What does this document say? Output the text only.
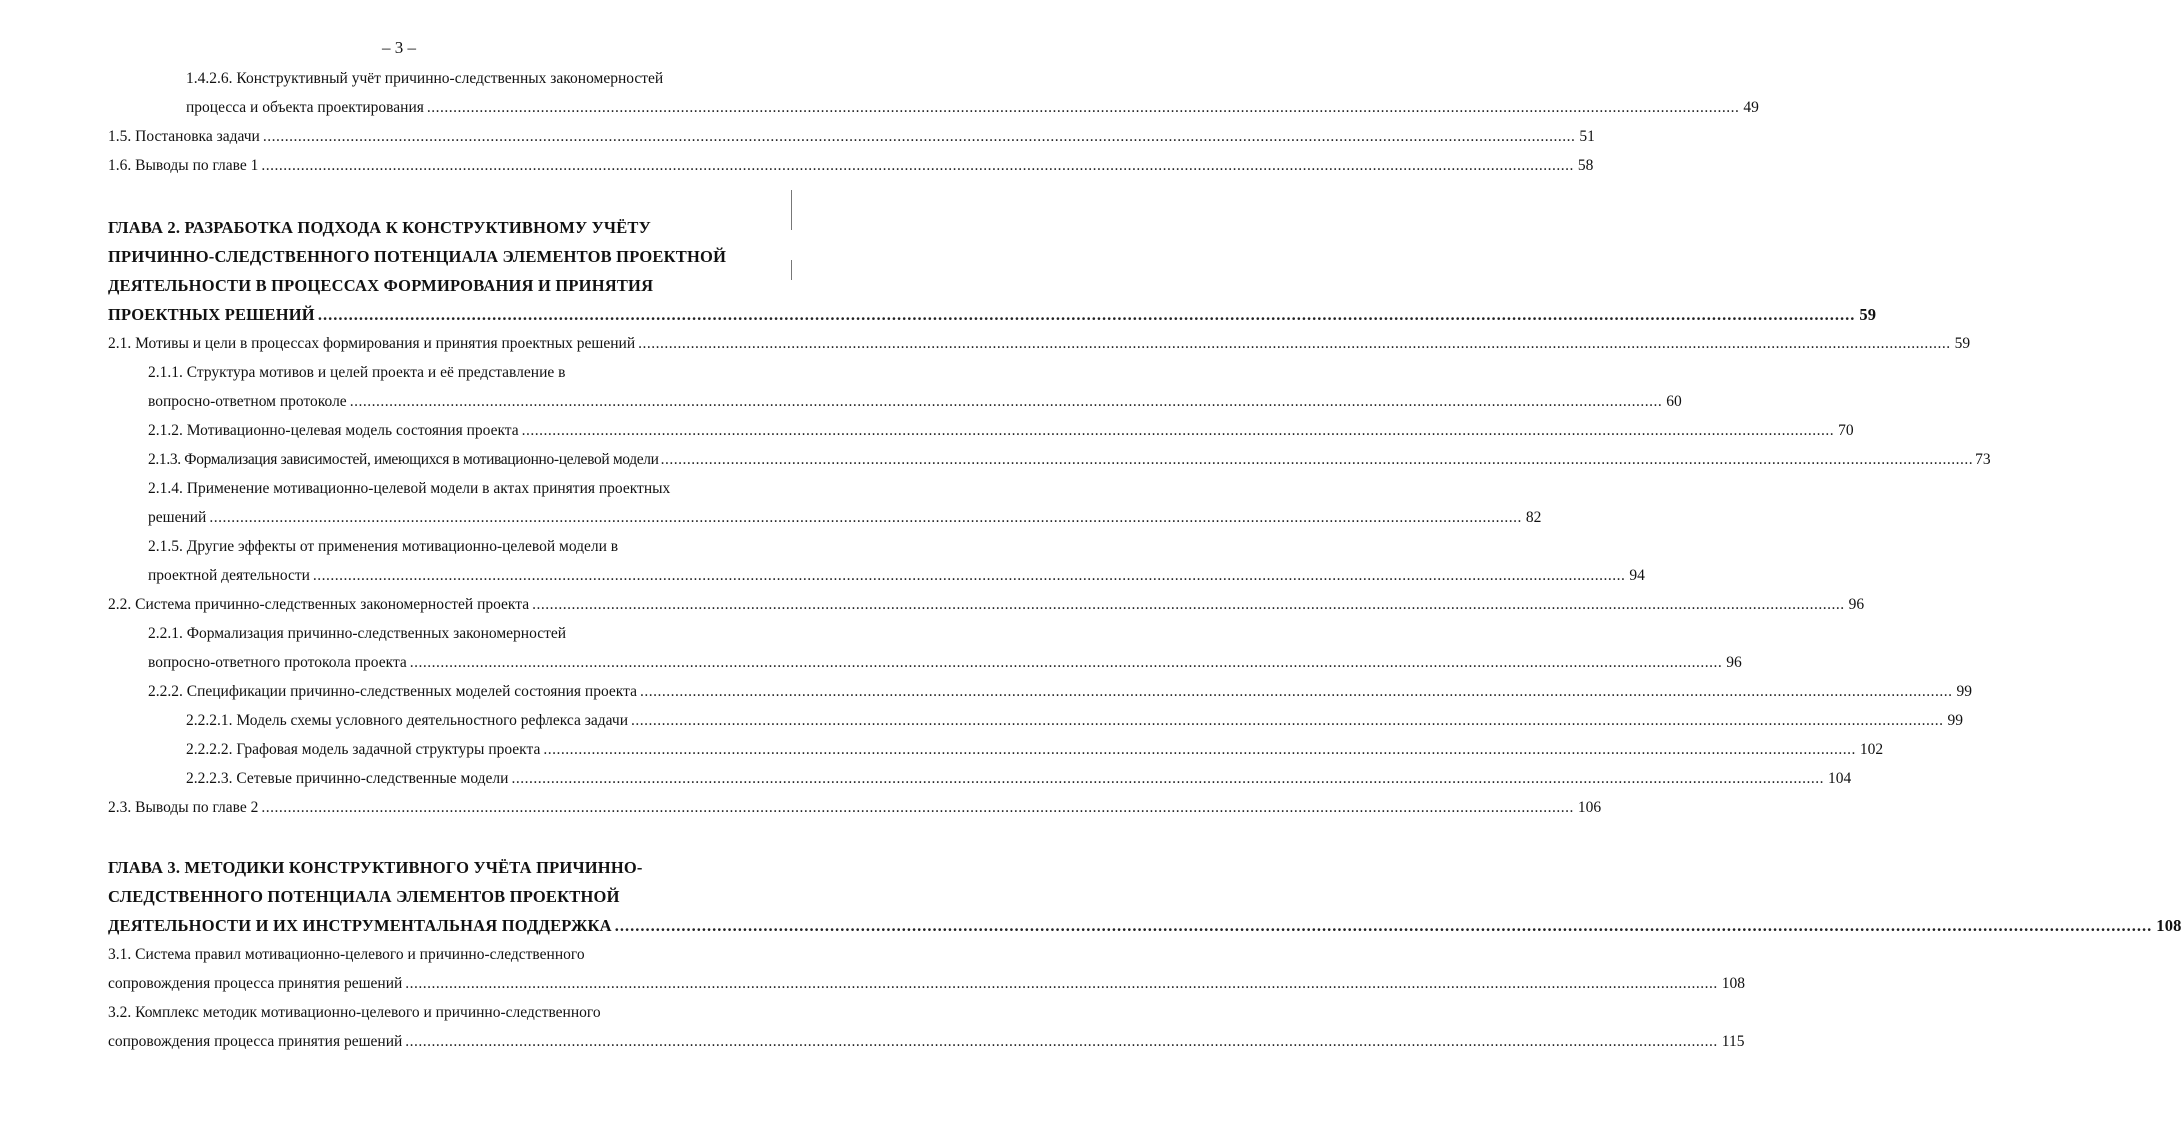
– 3 –
1.4.2.6. Конструктивный учёт причинно-следственных закономерностей
процесса и объекта проектирования ............................................................................................................................................................................................................................................................................................................ 49
1.5. Постановка задачи ............................................................................................................................................................................................................................................................................................................ 51
1.6. Выводы по главе 1 ............................................................................................................................................................................................................................................................................................................ 58
ГЛАВА 2. РАЗРАБОТКА ПОДХОДА К КОНСТРУКТИВНОМУ УЧЁТУ
ПРИЧИННО-СЛЕДСТВЕННОГО ПОТЕНЦИАЛА ЭЛЕМЕНТОВ ПРОЕКТНОЙ
ДЕЯТЕЛЬНОСТИ В ПРОЦЕССАХ ФОРМИРОВАНИЯ И ПРИНЯТИЯ
ПРОЕКТНЫХ РЕШЕНИЙ ............................................................................................................................................................................................................................................................................................................ 59
2.1. Мотивы и цели в процессах формирования и принятия проектных решений ............................................................................................................................................................................................................................................................................................................ 59
2.1.1. Структура мотивов и целей проекта и её представление в
вопросно-ответном протоколе ............................................................................................................................................................................................................................................................................................................ 60
2.1.2. Мотивационно-целевая модель состояния проекта ............................................................................................................................................................................................................................................................................................................ 70
2.1.3. Формализация зависимостей, имеющихся в мотивационно-целевой модели ............................................................................................................................................................................................................................................................................................................ 73
2.1.4. Применение мотивационно-целевой модели в актах принятия проектных
решений ............................................................................................................................................................................................................................................................................................................ 82
2.1.5. Другие эффекты от применения мотивационно-целевой модели в
проектной деятельности ............................................................................................................................................................................................................................................................................................................ 94
2.2. Система причинно-следственных закономерностей проекта ............................................................................................................................................................................................................................................................................................................ 96
2.2.1. Формализация причинно-следственных закономерностей
вопросно-ответного протокола проекта ............................................................................................................................................................................................................................................................................................................ 96
2.2.2. Спецификации причинно-следственных моделей состояния проекта ............................................................................................................................................................................................................................................................................................................ 99
2.2.2.1. Модель схемы условного деятельностного рефлекса задачи ............................................................................................................................................................................................................................................................................................................ 99
2.2.2.2. Графовая модель задачной структуры проекта ............................................................................................................................................................................................................................................................................................................ 102
2.2.2.3. Сетевые причинно-следственные модели ............................................................................................................................................................................................................................................................................................................ 104
2.3. Выводы по главе 2 ............................................................................................................................................................................................................................................................................................................ 106
ГЛАВА 3. МЕТОДИКИ КОНСТРУКТИВНОГО УЧЁТА ПРИЧИННО-
СЛЕДСТВЕННОГО ПОТЕНЦИАЛА ЭЛЕМЕНТОВ ПРОЕКТНОЙ
ДЕЯТЕЛЬНОСТИ И ИХ ИНСТРУМЕНТАЛЬНАЯ ПОДДЕРЖКА ............................................................................................................................................................................................................................................................................................................ 108
3.1. Система правил мотивационно-целевого и причинно-следственного
сопровождения процесса принятия решений ............................................................................................................................................................................................................................................................................................................ 108
3.2. Комплекс методик мотивационно-целевого и причинно-следственного
сопровождения процесса принятия решений ............................................................................................................................................................................................................................................................................................................ 115
